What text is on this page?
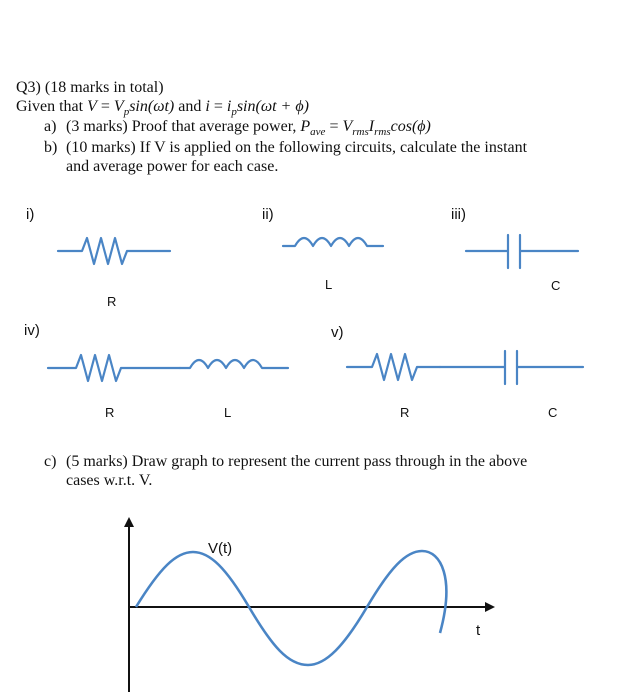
Q3) (18 marks in total)
Given that $V = V_p\sin(\omega t)$ and $i = i_p\sin(\omega t + \phi)$
a) (3 marks) Proof that average power, $P_{ave} = V_{rms}I_{rms}\cos(\phi)$
b) (10 marks) If V is applied on the following circuits, calculate the instant
and average power for each case.
i)	ii)	iii)
iv)	v)
R
L	C
R	L	R	C
c) (5 marks) Draw graph to represent the current pass through in the above
cases w.r.t. V.
V(t)
t
